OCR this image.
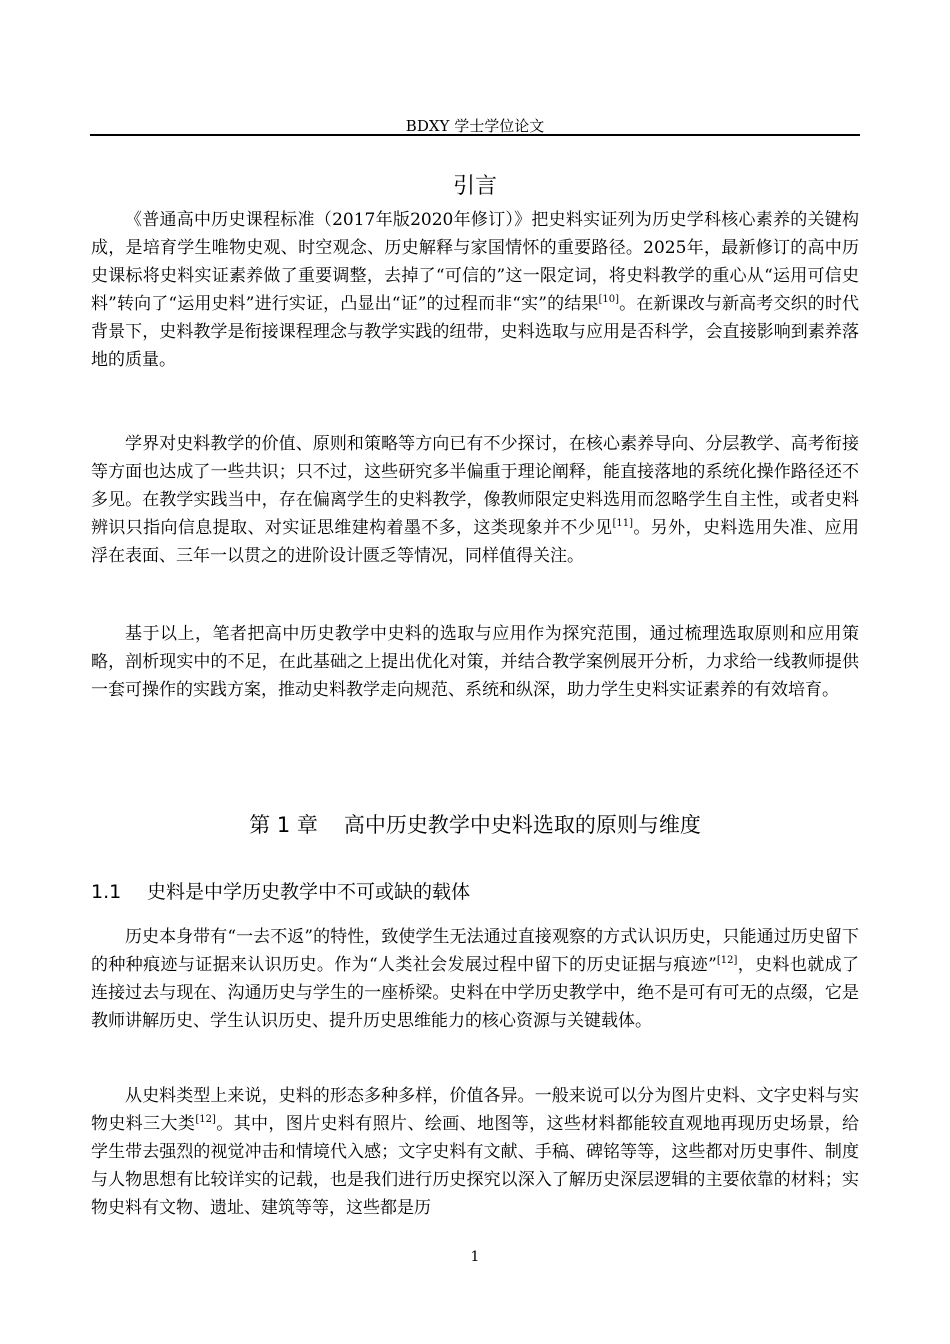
BDXY 学士学位论文
引言

《普通高中历史课程标准（2017年版2020年修订）》把史料实证列为历史学科核心素养的关键构成，是培育学生唯物史观、时空观念、历史解释与家国情怀的重要路径。2025年，最新修订的高中历史课标将史料实证素养做了重要调整，去掉了“可信的”这一限定词，将史料教学的重心从“运用可信史料”转向了“运用史料”进行实证，凸显出“证”的过程而非“实”的结果[10]。在新课改与新高考交织的时代背景下，史料教学是衔接课程理念与教学实践的纽带，史料选取与应用是否科学，会直接影响到素养落地的质量。

学界对史料教学的价值、原则和策略等方向已有不少探讨，在核心素养导向、分层教学、高考衔接等方面也达成了一些共识；只不过，这些研究多半偏重于理论阐释，能直接落地的系统化操作路径还不多见。在教学实践当中，存在偏离学生的史料教学，像教师限定史料选用而忽略学生自主性，或者史料辨识只指向信息提取、对实证思维建构着墨不多，这类现象并不少见[11]。另外，史料选用失准、应用浮在表面、三年一以贯之的进阶设计匮乏等情况，同样值得关注。

基于以上，笔者把高中历史教学中史料的选取与应用作为探究范围，通过梳理选取原则和应用策略，剖析现实中的不足，在此基础之上提出优化对策，并结合教学案例展开分析，力求给一线教师提供一套可操作的实践方案，推动史料教学走向规范、系统和纵深，助力学生史料实证素养的有效培育。

第 1 章 高中历史教学中史料选取的原则与维度
1.1 史料是中学历史教学中不可或缺的载体

历史本身带有“一去不返”的特性，致使学生无法通过直接观察的方式认识历史，只能通过历史留下的种种痕迹与证据来认识历史。作为“人类社会发展过程中留下的历史证据与痕迹”[12]，史料也就成了连接过去与现在、沟通历史与学生的一座桥梁。史料在中学历史教学中，绝不是可有可无的点缀，它是教师讲解历史、学生认识历史、提升历史思维能力的核心资源与关键载体。

从史料类型上来说，史料的形态多种多样，价值各异。一般来说可以分为图片史料、文字史料与实物史料三大类[12]。其中，图片史料有照片、绘画、地图等，这些材料都能较直观地再现历史场景，给学生带去强烈的视觉冲击和情境代入感；文字史料有文献、手稿、碑铭等等，这些都对历史事件、制度与人物思想有比较详实的记载，也是我们进行历史探究以深入了解历史深层逻辑的主要依靠的材料；实物史料有文物、遗址、建筑等等，这些都是历

1
